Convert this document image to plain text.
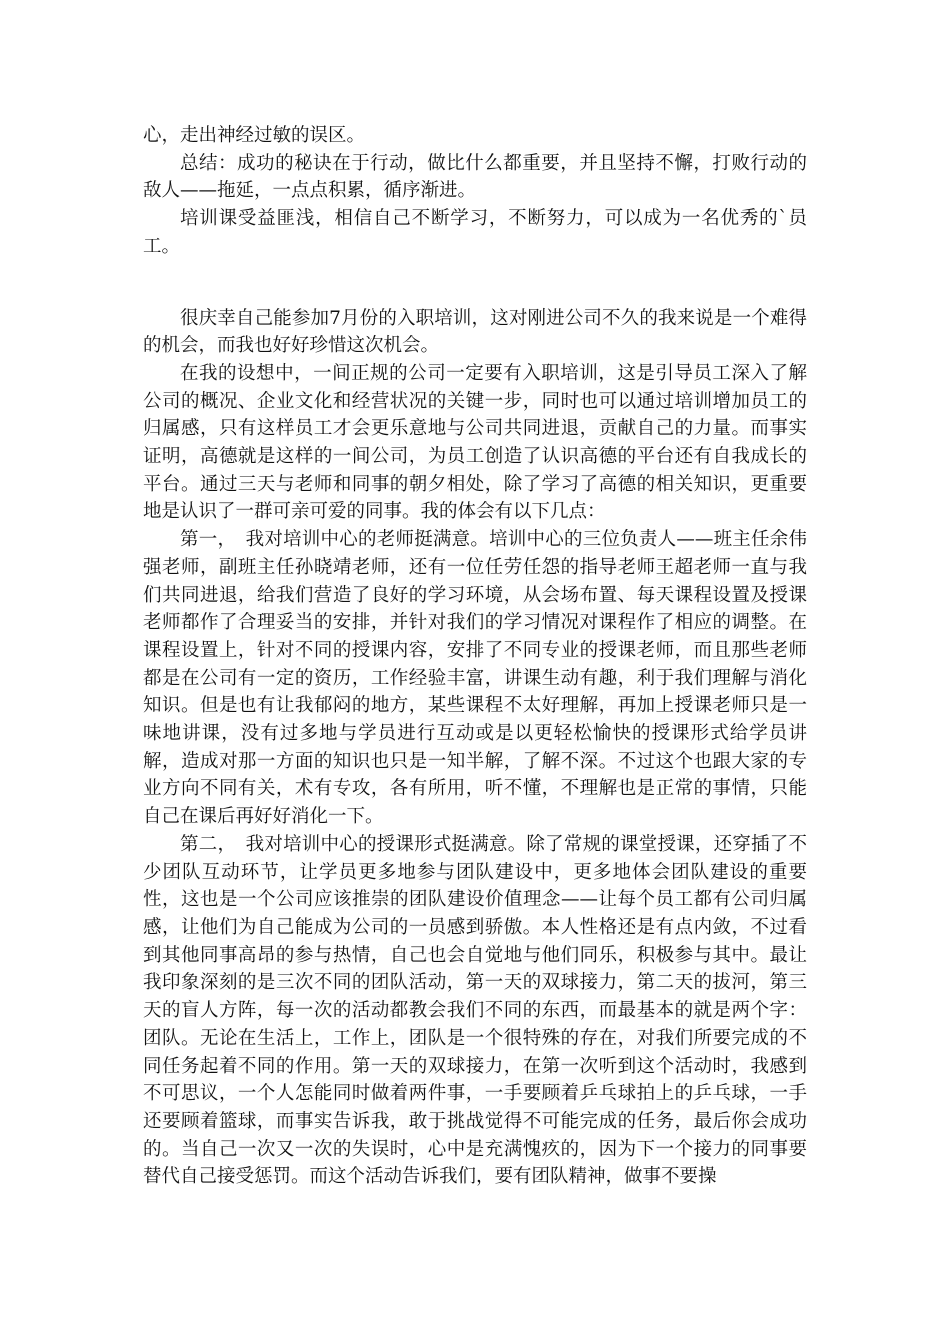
心，走出神经过敏的误区。

总结：成功的秘诀在于行动，做比什么都重要，并且坚持不懈，打败行动的敌人——拖延，一点点积累，循序渐进。

培训课受益匪浅，相信自己不断学习，不断努力，可以成为一名优秀的`员工。

很庆幸自己能参加7月份的入职培训，这对刚进公司不久的我来说是一个难得的机会，而我也好好珍惜这次机会。

在我的设想中，一间正规的公司一定要有入职培训，这是引导员工深入了解公司的概况、企业文化和经营状况的关键一步，同时也可以通过培训增加员工的归属感，只有这样员工才会更乐意地与公司共同进退，贡献自己的力量。而事实证明，高德就是这样的一间公司，为员工创造了认识高德的平台还有自我成长的平台。通过三天与老师和同事的朝夕相处，除了学习了高德的相关知识，更重要地是认识了一群可亲可爱的同事。我的体会有以下几点：

第一，　我对培训中心的老师挺满意。培训中心的三位负责人——班主任余伟强老师，副班主任孙晓靖老师，还有一位任劳任怨的指导老师王超老师一直与我们共同进退，给我们营造了良好的学习环境，从会场布置、每天课程设置及授课老师都作了合理妥当的安排，并针对我们的学习情况对课程作了相应的调整。在课程设置上，针对不同的授课内容，安排了不同专业的授课老师，而且那些老师都是在公司有一定的资历，工作经验丰富，讲课生动有趣，利于我们理解与消化知识。但是也有让我郁闷的地方，某些课程不太好理解，再加上授课老师只是一味地讲课，没有过多地与学员进行互动或是以更轻松愉快的授课形式给学员讲解，造成对那一方面的知识也只是一知半解，了解不深。不过这个也跟大家的专业方向不同有关，术有专攻，各有所用，听不懂，不理解也是正常的事情，只能自己在课后再好好消化一下。

第二，　我对培训中心的授课形式挺满意。除了常规的课堂授课，还穿插了不少团队互动环节，让学员更多地参与团队建设中，更多地体会团队建设的重要性，这也是一个公司应该推崇的团队建设价值理念——让每个员工都有公司归属感，让他们为自己能成为公司的一员感到骄傲。本人性格还是有点内敛，不过看到其他同事高昂的参与热情，自己也会自觉地与他们同乐，积极参与其中。最让我印象深刻的是三次不同的团队活动，第一天的双球接力，第二天的拔河，第三天的盲人方阵，每一次的活动都教会我们不同的东西，而最基本的就是两个字：团队。无论在生活上，工作上，团队是一个很特殊的存在，对我们所要完成的不同任务起着不同的作用。第一天的双球接力，在第一次听到这个活动时，我感到不可思议，一个人怎能同时做着两件事，一手要顾着乒乓球拍上的乒乓球，一手还要顾着篮球，而事实告诉我，敢于挑战觉得不可能完成的任务，最后你会成功的。当自己一次又一次的失误时，心中是充满愧疚的，因为下一个接力的同事要替代自己接受惩罚。而这个活动告诉我们，要有团队精神，做事不要操
